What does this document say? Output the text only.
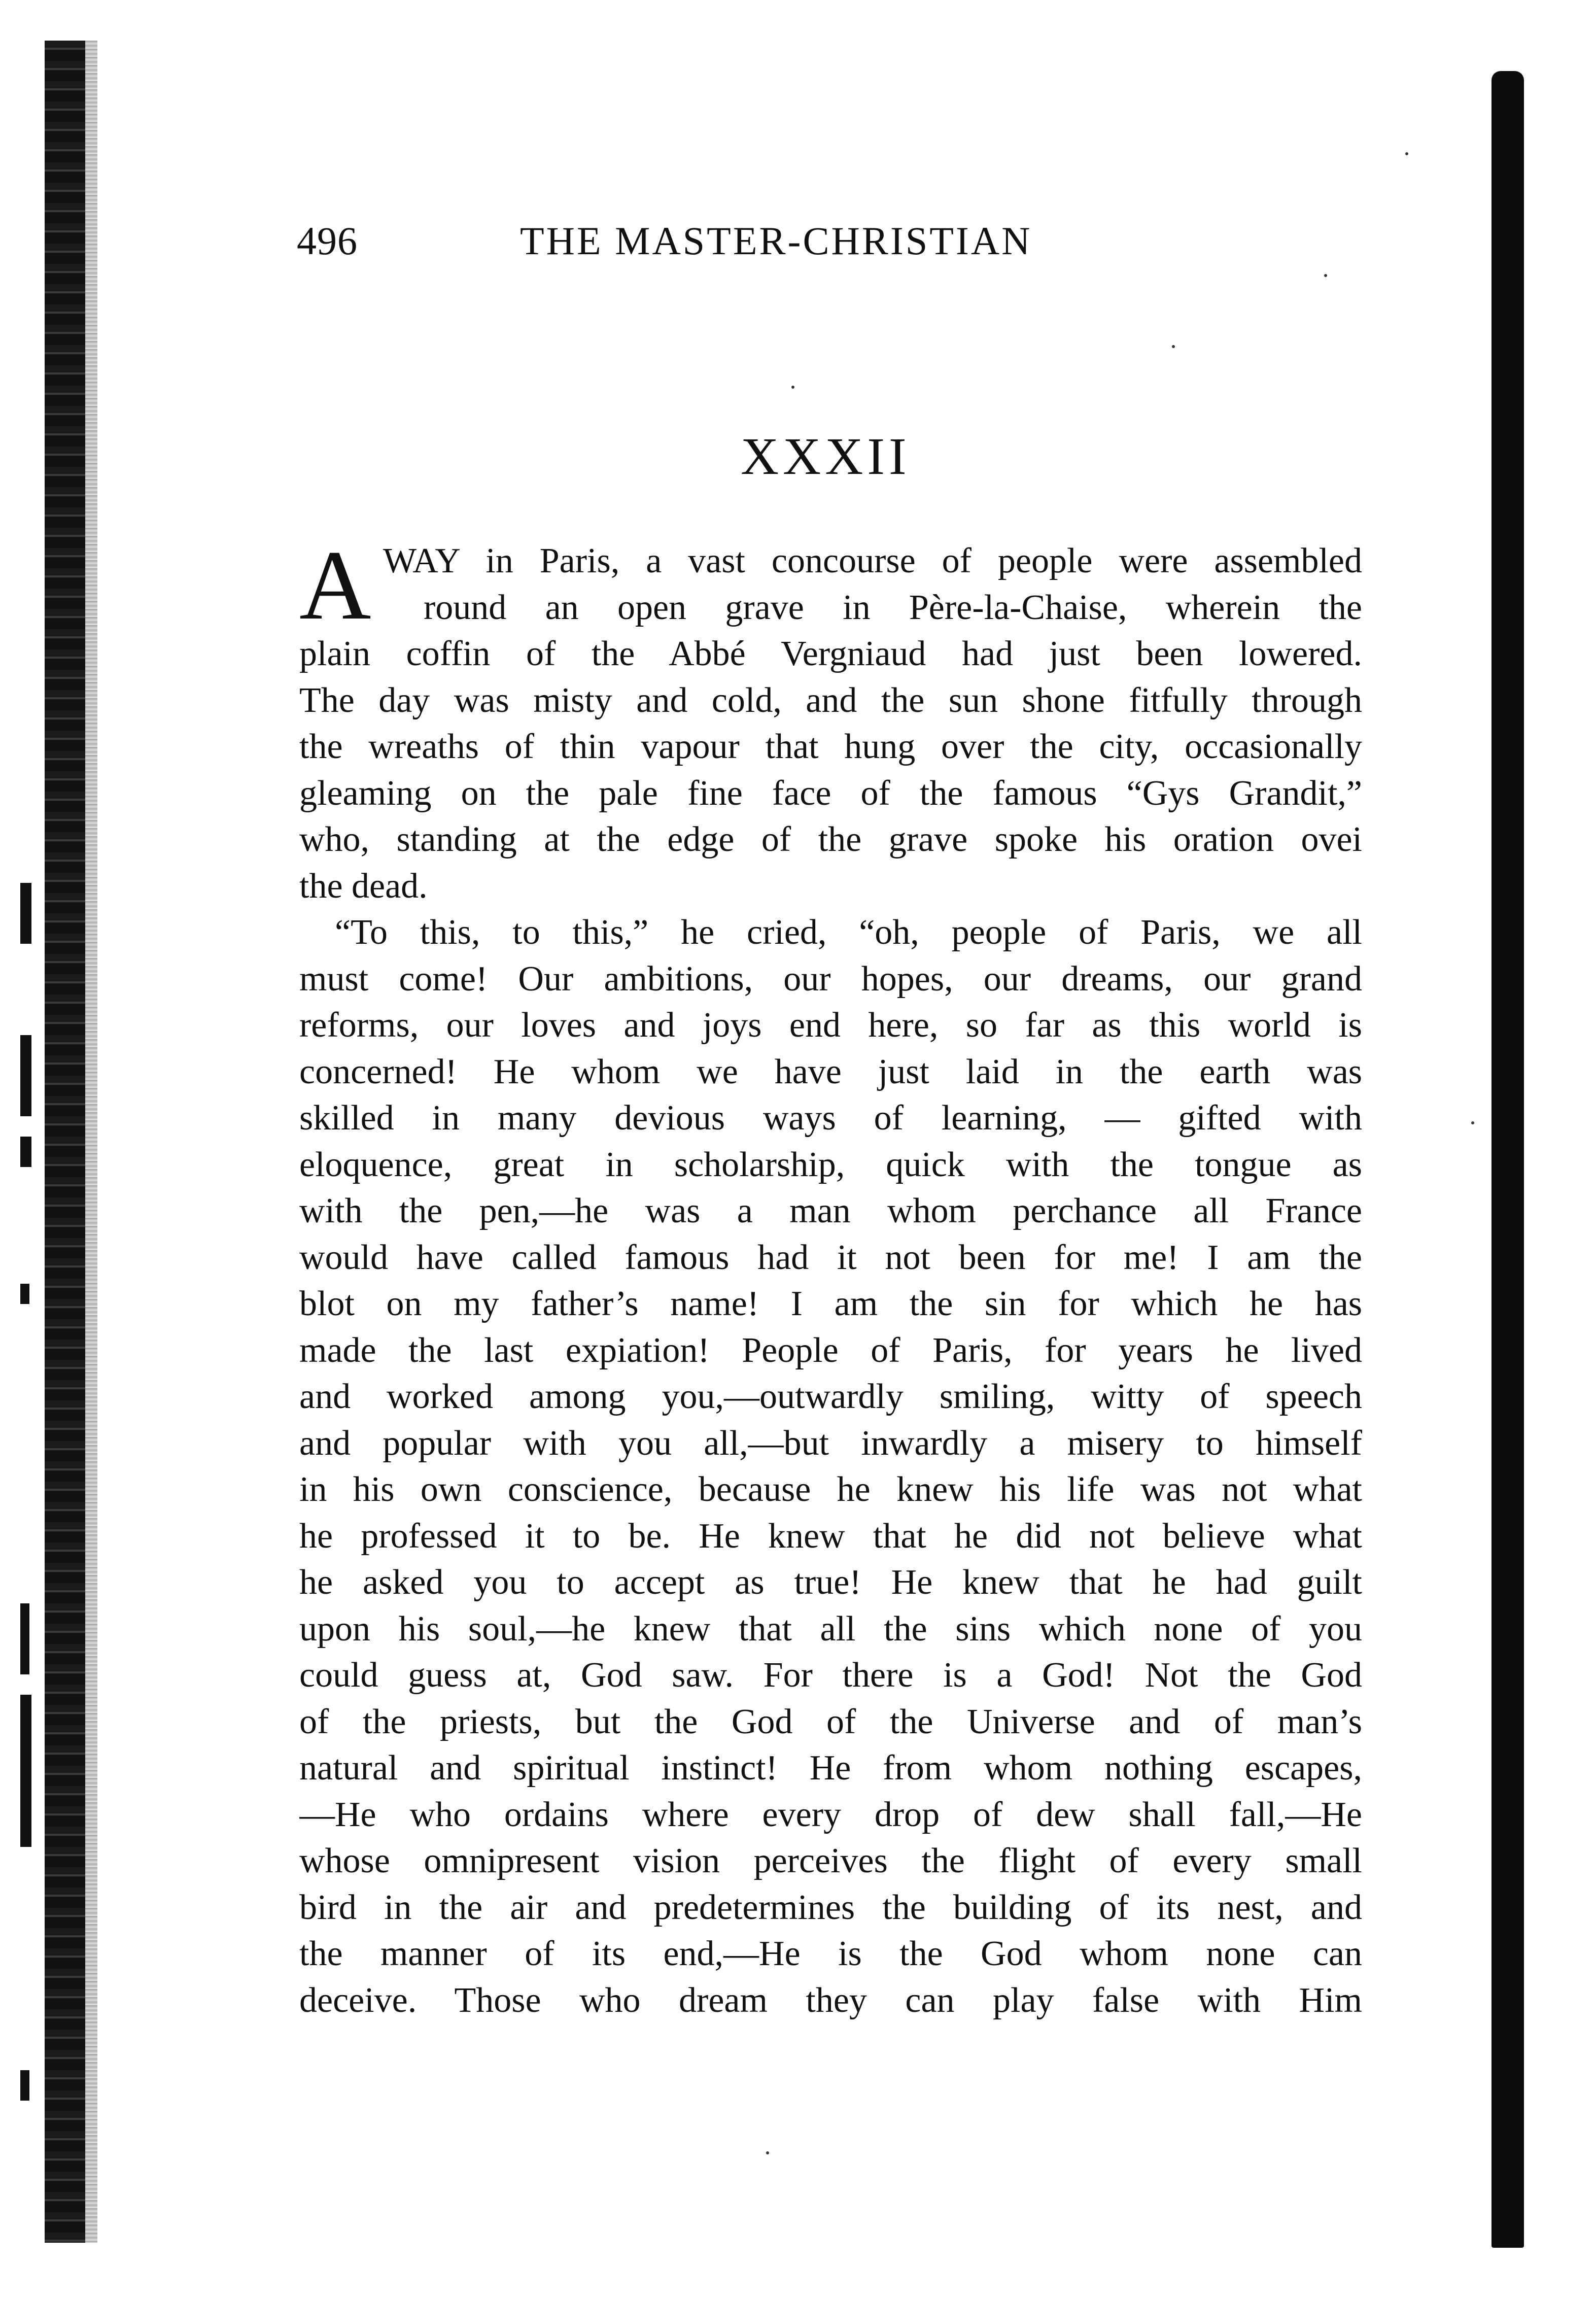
496	THE MASTER-CHRISTIAN
XXXII
A WAY in Paris, a vast concourse of people were assembled
round an open grave in Père-la-Chaise, wherein the
plain coffin of the Abbé Vergniaud had just been lowered.
The day was misty and cold, and the sun shone fitfully through
the wreaths of thin vapour that hung over the city, occasionally
gleaming on the pale fine face of the famous “Gys Grandit,”
who, standing at the edge of the grave spoke his oration ovei
the dead.
“To this, to this,” he cried, “oh, people of Paris, we all
must come! Our ambitions, our hopes, our dreams, our grand
reforms, our loves and joys end here, so far as this world is
concerned! He whom we have just laid in the earth was
skilled in many devious ways of learning, — gifted with
eloquence, great in scholarship, quick with the tongue as
with the pen,—he was a man whom perchance all France
would have called famous had it not been for me! I am the
blot on my father’s name! I am the sin for which he has
made the last expiation! People of Paris, for years he lived
and worked among you,—outwardly smiling, witty of speech
and popular with you all,—but inwardly a misery to himself
in his own conscience, because he knew his life was not what
he professed it to be. He knew that he did not believe what
he asked you to accept as true! He knew that he had guilt
upon his soul,—he knew that all the sins which none of you
could guess at, God saw. For there is a God! Not the God
of the priests, but the God of the Universe and of man’s
natural and spiritual instinct! He from whom nothing escapes,
—He who ordains where every drop of dew shall fall,—He
whose omnipresent vision perceives the flight of every small
bird in the air and predetermines the building of its nest, and
the manner of its end,—He is the God whom none can
deceive. Those who dream they can play false with Him
